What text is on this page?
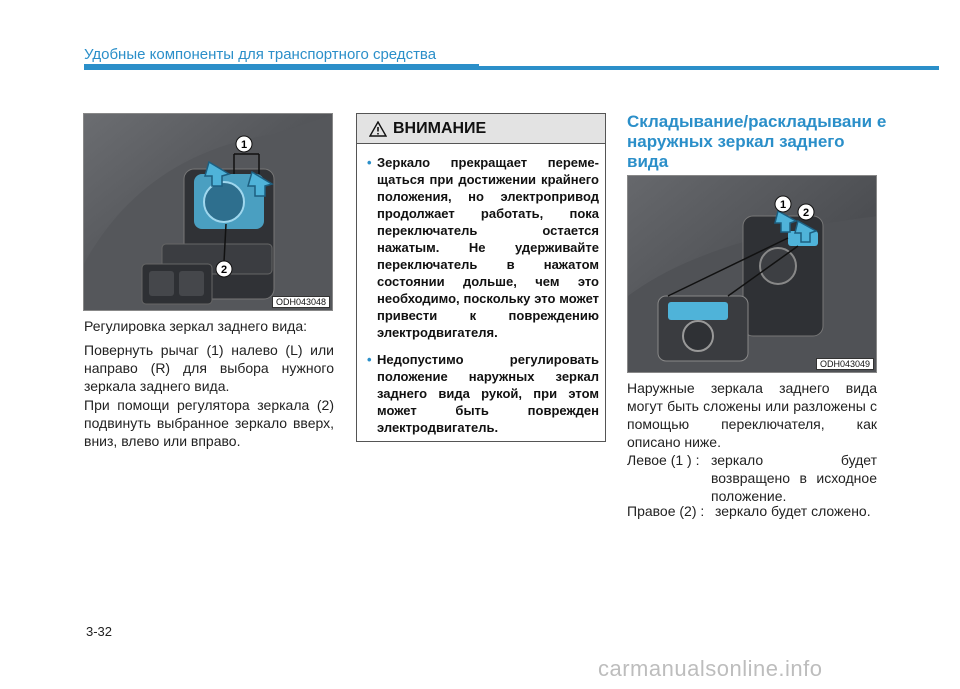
Удобные компоненты для транспортного средства
1
2
ODH043048
Регулировка зеркал заднего вида:
Повернуть рычаг (1) налево (L) или направо (R) для выбора нужного зеркала заднего вида.
При помощи регулятора зеркала (2) подвинуть выбранное зеркало вверх, вниз, влево или вправо.
ВНИМАНИЕ
• Зеркало прекращает переме-щаться при достижении крайнего положения, но электропривод продолжает работать, пока переключатель остается нажатым. Не удерживайте переключатель в нажатом состоянии дольше, чем это необходимо, поскольку это может привести к повреждению электродвигателя.
• Недопустимо регулировать положение наружных зеркал заднего вида рукой, при этом может быть поврежден электродвигатель.
Складывание/раскладывани е наружных зеркал заднего вида
1
2
ODH043049
Наружные зеркала заднего вида могут быть сложены или разложены с помощью переключателя, как описано ниже.
Левое (1 ) : зеркало будет возвращено в исходное положение.
Правое (2) : зеркало будет сложено.
3-32
carmanualsonline.info
